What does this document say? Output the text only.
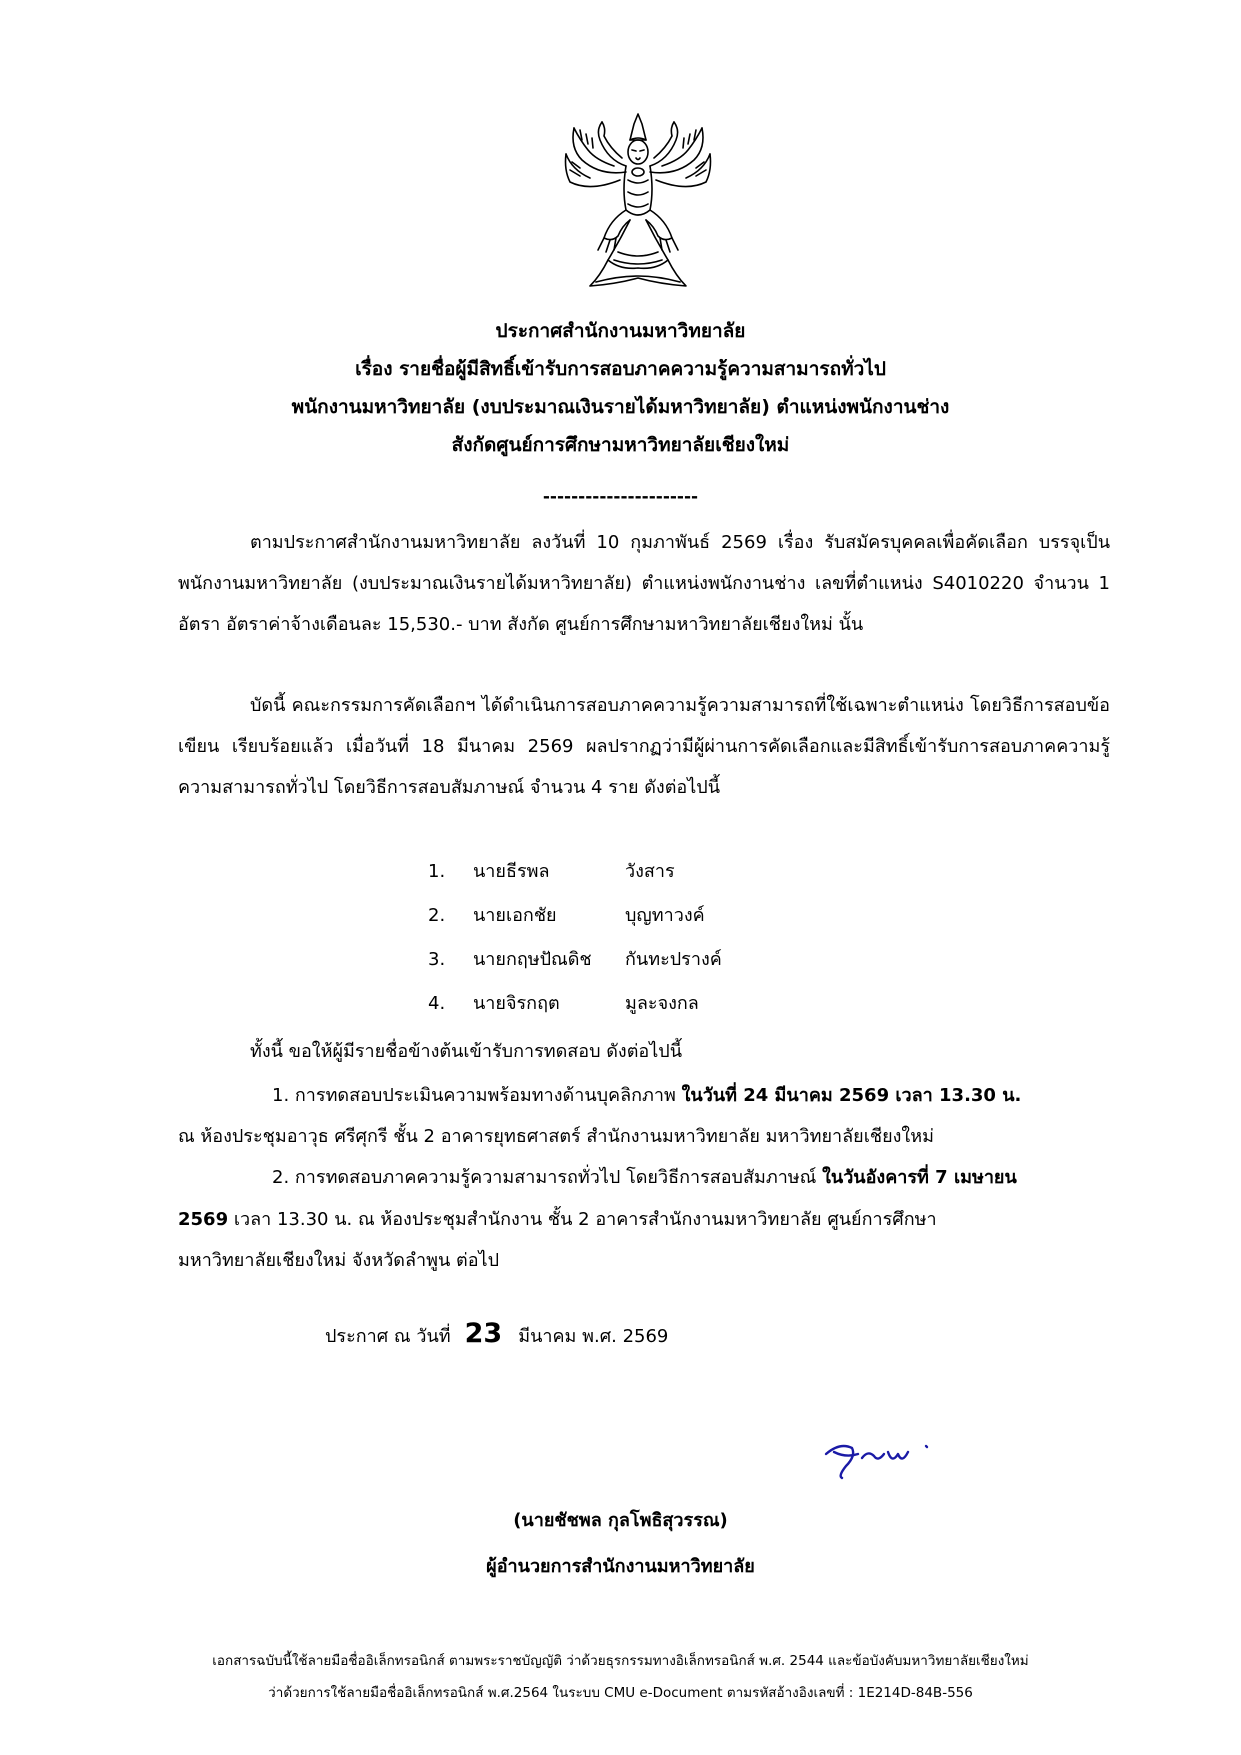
ประกาศสำนักงานมหาวิทยาลัย

เรื่อง รายชื่อผู้มีสิทธิ์เข้ารับการสอบภาคความรู้ความสามารถทั่วไป

พนักงานมหาวิทยาลัย (งบประมาณเงินรายได้มหาวิทยาลัย) ตำแหน่งพนักงานช่าง

สังกัดศูนย์การศึกษามหาวิทยาลัยเชียงใหม่

----------------------

ตามประกาศสำนักงานมหาวิทยาลัย ลงวันที่ 10 กุมภาพันธ์ 2569 เรื่อง รับสมัครบุคคลเพื่อคัดเลือก บรรจุเป็นพนักงานมหาวิทยาลัย (งบประมาณเงินรายได้มหาวิทยาลัย) ตำแหน่งพนักงานช่าง เลขที่ตำแหน่ง S4010220 จำนวน 1 อัตรา อัตราค่าจ้างเดือนละ 15,530.- บาท สังกัด ศูนย์การศึกษามหาวิทยาลัยเชียงใหม่ นั้น

บัดนี้ คณะกรรมการคัดเลือกฯ ได้ดำเนินการสอบภาคความรู้ความสามารถที่ใช้เฉพาะตำแหน่ง โดยวิธีการสอบข้อเขียน เรียบร้อยแล้ว เมื่อวันที่ 18 มีนาคม 2569 ผลปรากฏว่ามีผู้ผ่านการคัดเลือกและมีสิทธิ์เข้ารับการสอบภาคความรู้ความสามารถทั่วไป โดยวิธีการสอบสัมภาษณ์ จำนวน 4 ราย ดังต่อไปนี้

1.	นายธีรพล	วังสาร
2.	นายเอกชัย	บุญทาวงค์
3.	นายกฤษปัณดิช	กันทะปรางค์
4.	นายจิรกฤต	มูละจงกล
ทั้งนี้ ขอให้ผู้มีรายชื่อข้างต้นเข้ารับการทดสอบ ดังต่อไปนี้
1. การทดสอบประเมินความพร้อมทางด้านบุคลิกภาพ ในวันที่ 24 มีนาคม 2569 เวลา 13.30 น.
ณ ห้องประชุมอาวุธ ศรีศุกรี ชั้น 2 อาคารยุทธศาสตร์ สำนักงานมหาวิทยาลัย มหาวิทยาลัยเชียงใหม่
2. การทดสอบภาคความรู้ความสามารถทั่วไป โดยวิธีการสอบสัมภาษณ์ ในวันอังคารที่ 7 เมษายน
2569 เวลา 13.30 น. ณ ห้องประชุมสำนักงาน ชั้น 2 อาคารสำนักงานมหาวิทยาลัย ศูนย์การศึกษา
มหาวิทยาลัยเชียงใหม่ จังหวัดลำพูน ต่อไป
ประกาศ ณ วันที่ 23 มีนาคม พ.ศ. 2569
(นายชัชพล กุลโพธิสุวรรณ)
ผู้อำนวยการสำนักงานมหาวิทยาลัย
เอกสารฉบับนี้ใช้ลายมือชื่ออิเล็กทรอนิกส์ ตามพระราชบัญญัติ ว่าด้วยธุรกรรมทางอิเล็กทรอนิกส์ พ.ศ. 2544 และข้อบังคับมหาวิทยาลัยเชียงใหม่
ว่าด้วยการใช้ลายมือชื่ออิเล็กทรอนิกส์ พ.ศ.2564 ในระบบ CMU e-Document ตามรหัสอ้างอิงเลขที่ : 1E214D-84B-556
